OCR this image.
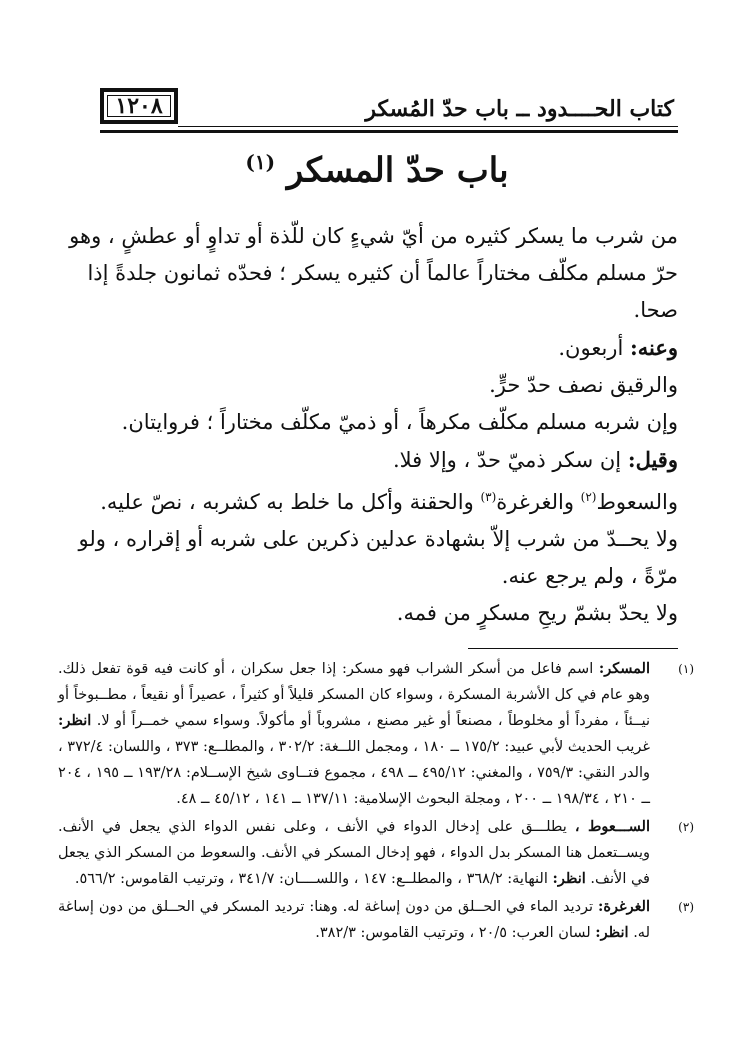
١٢٠٨	كتاب الحــــدود ــ باب حدّ المُسكر
باب حدّ المسكر $^{(١)}$

من شرب ما يسكر كثيره من أيّ شيءٍ كان للّذة أو تداوٍ أو عطشٍ ، وهو حرّ مسلم مكلّف مختاراً عالماً أن كثيره يسكر ؛ فحدّه ثمانون جلدةً إذا صحا.

وعنه: أربعون.

والرقيق نصف حدّ حرٍّ.

وإن شربه مسلم مكلّف مكرهاً ، أو ذميّ مكلّف مختاراً ؛ فروايتان.

وقيل: إن سكر ذميّ حدّ ، وإلا فلا.

والسعوط$^{(٢)}$ والغرغرة$^{(٣)}$ والحقنة وأكل ما خلط به كشربه ، نصّ عليه.

ولا يحــدّ من شرب إلاّ بشهادة عدلين ذكرين على شربه أو إقراره ، ولو مرّةً ، ولم يرجع عنه.

ولا يحدّ بشمّ ريحِ مسكرٍ من فمه.

(١)
المسكر: اسم فاعل من أسكر الشراب فهو مسكر: إذا جعل سكران ، أو كانت فيه قوة تفعل ذلك. وهو عام في كل الأشربة المسكرة ، وسواء كان المسكر قليلاً أو كثيراً ، عصيراً أو نقيعاً ، مطــبوخاً أو نيــئاً ، مفرداً أو مخلوطاً ، مصنعاً أو غير مصنع ، مشروباً أو مأكولاً. وسواء سمي خمــراً أو لا. انظر: غريب الحديث لأبي عبيد: ١٧٥/٢ ــ ١٨٠ ، ومجمل اللــغة: ٣٠٢/٢ ، والمطلــع: ٣٧٣ ، واللسان: ٣٧٢/٤ ، والدر النقي: ٧٥٩/٣ ، والمغني: ٤٩٥/١٢ ــ ٤٩٨ ، مجموع فتــاوى شيخ الإســلام: ١٩٣/٢٨ ــ ١٩٥ ، ٢٠٤ ــ ٢١٠ ، ١٩٨/٣٤ ــ ٢٠٠ ، ومجلة البحوث الإسلامية: ١٣٧/١١ ــ ١٤١ ، ٤٥/١٢ ــ ٤٨.
(٢)
الســـعوط ، يطلـــق على إدخال الدواء في الأنف ، وعلى نفس الدواء الذي يجعل في الأنف. ويســتعمل هنا المسكر بدل الدواء ، فهو إدخال المسكر في الأنف. والسعوط من المسكر الذي يجعل في الأنف. انظر: النهاية: ٣٦٨/٢ ، والمطلــع: ١٤٧ ، واللســــان: ٣٤١/٧ ، وترتيب القاموس: ٥٦٦/٢.
(٣)
الغرغرة: ترديد الماء في الحــلق من دون إساغة له. وهنا: ترديد المسكر في الحــلق من دون إساغة له. انظر: لسان العرب: ٢٠/٥ ، وترتيب القاموس: ٣٨٢/٣.
